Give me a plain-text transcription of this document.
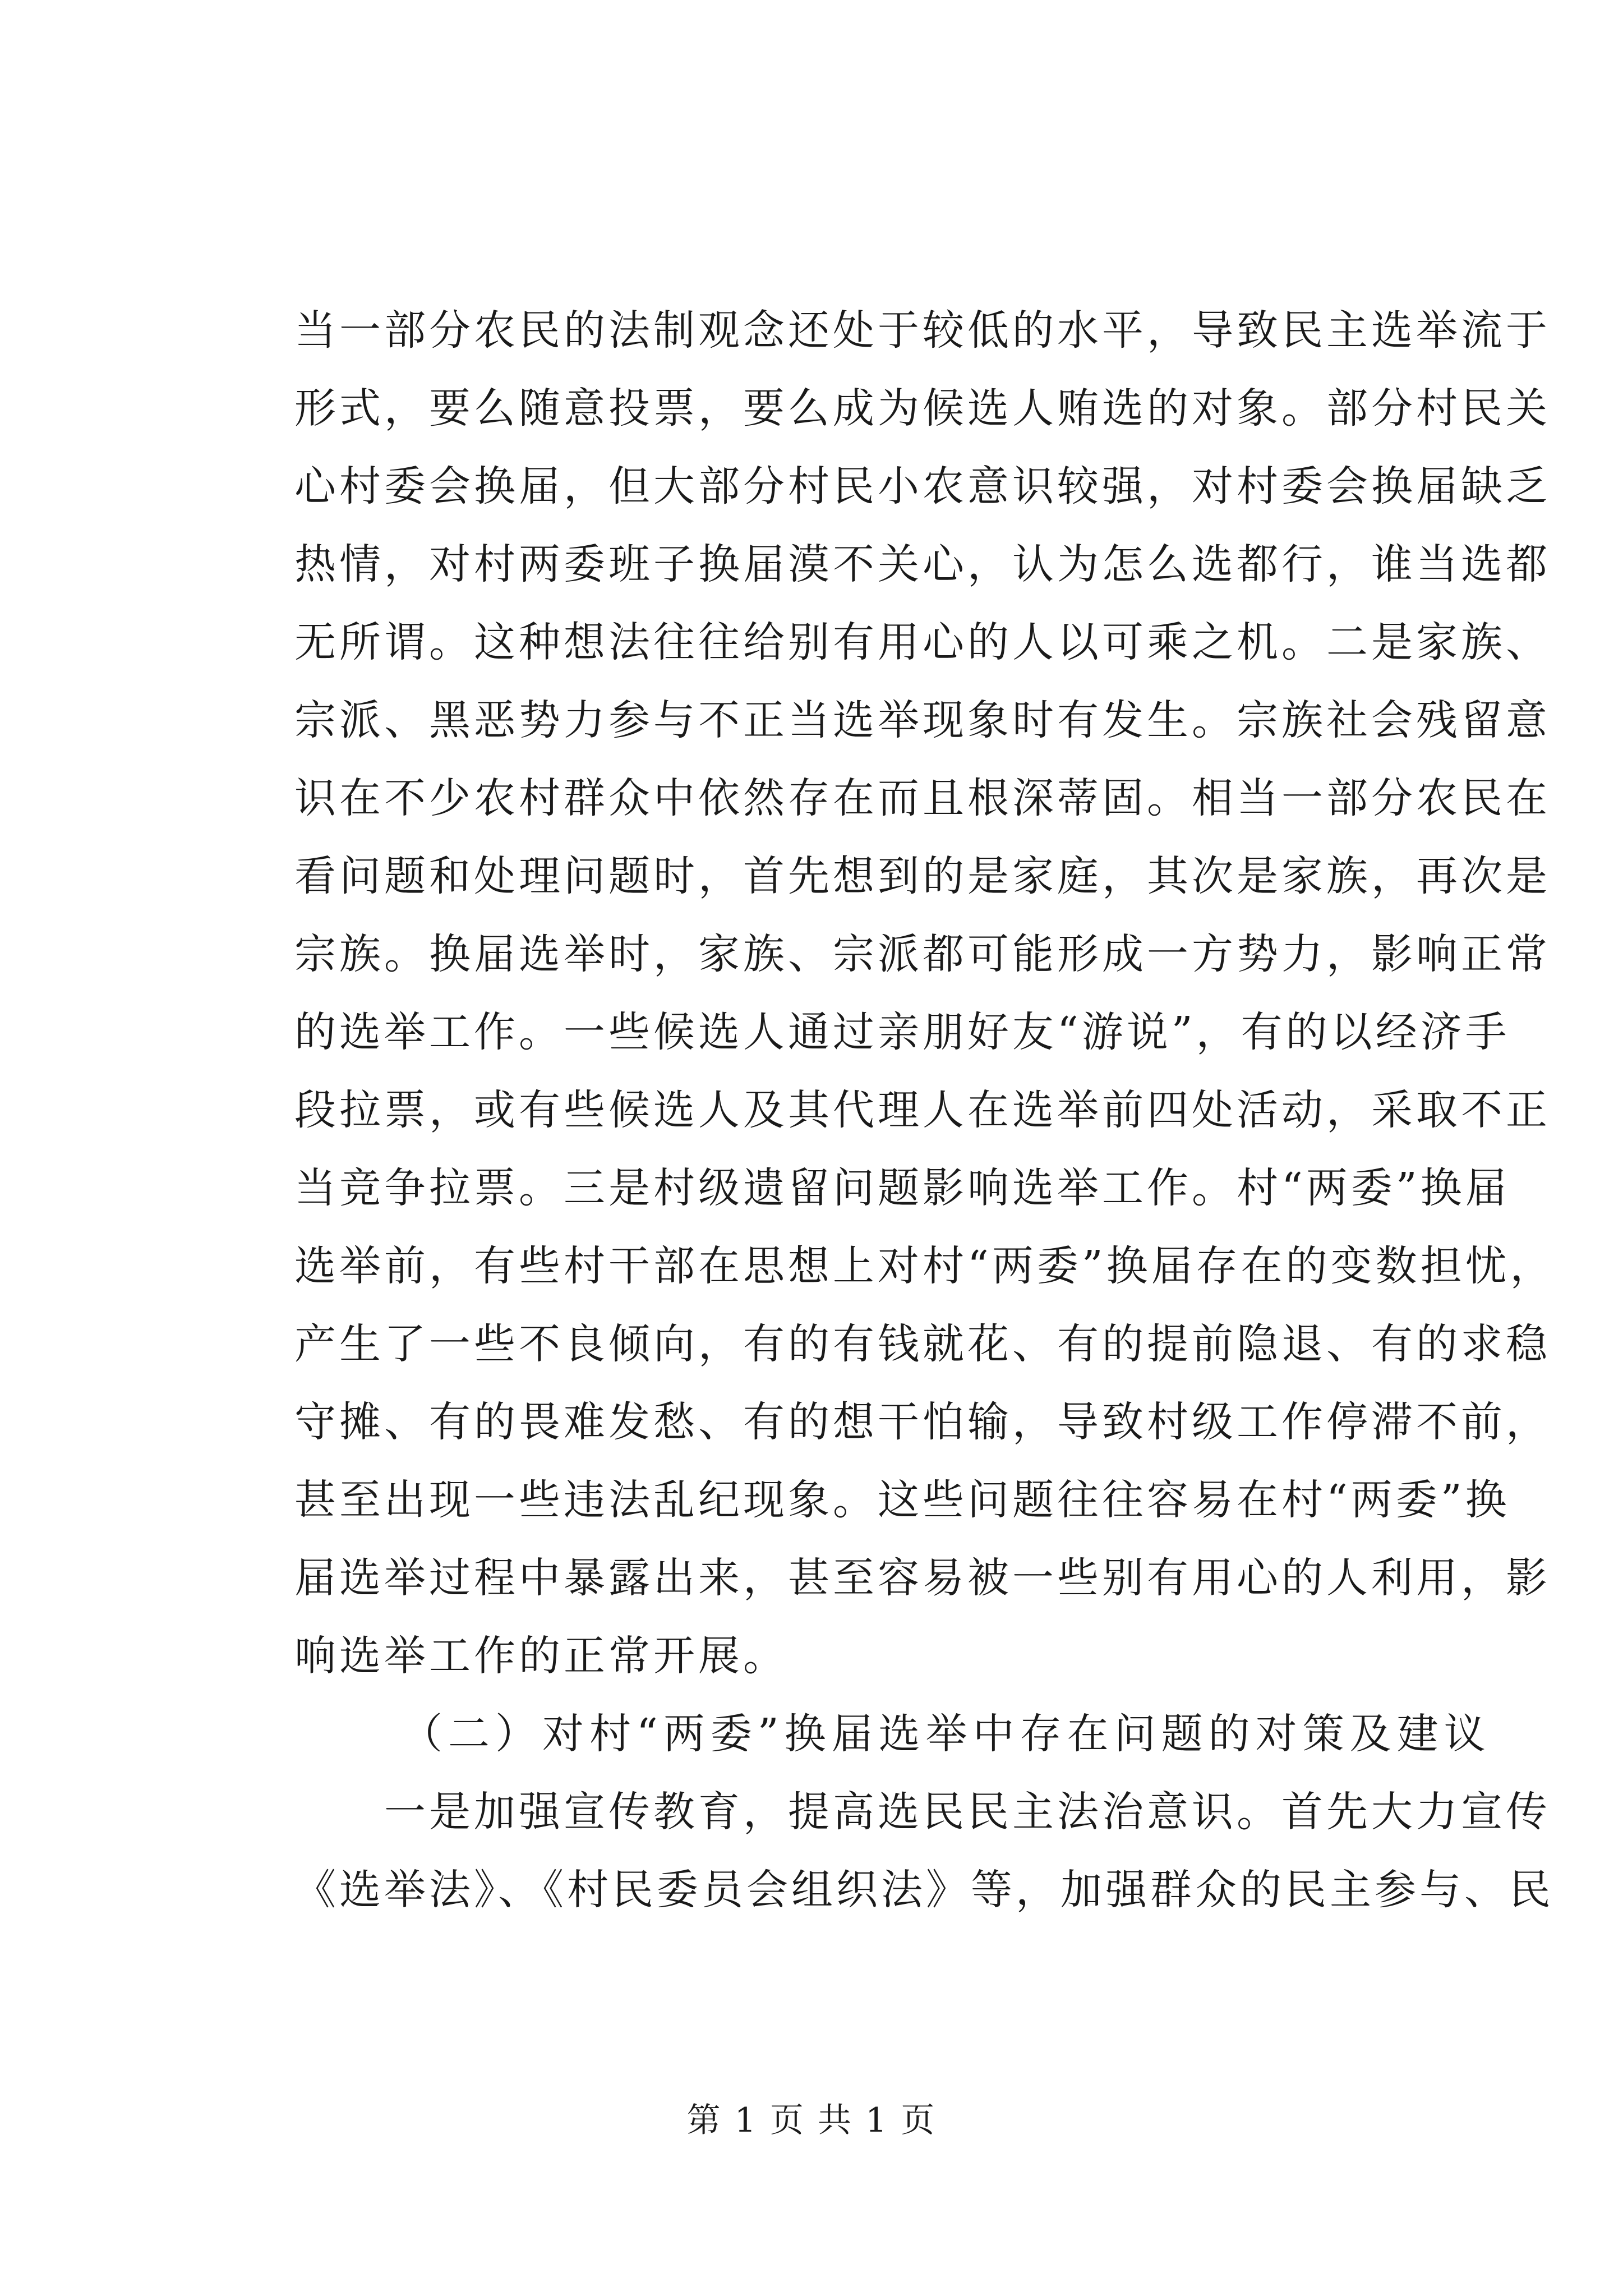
当一部分农民的法制观念还处于较低的水平，导致民主选举流于
形式，要么随意投票，要么成为候选人贿选的对象。部分村民关
心村委会换届，但大部分村民小农意识较强，对村委会换届缺乏
热情，对村两委班子换届漠不关心，认为怎么选都行，谁当选都
无所谓。这种想法往往给别有用心的人以可乘之机。二是家族、
宗派、黑恶势力参与不正当选举现象时有发生。宗族社会残留意
识在不少农村群众中依然存在而且根深蒂固。相当一部分农民在
看问题和处理问题时，首先想到的是家庭，其次是家族，再次是
宗族。换届选举时，家族、宗派都可能形成一方势力，影响正常
的选举工作。一些候选人通过亲朋好友“游说”，有的以经济手
段拉票，或有些候选人及其代理人在选举前四处活动，采取不正
当竞争拉票。三是村级遗留问题影响选举工作。村“两委”换届
选举前，有些村干部在思想上对村“两委”换届存在的变数担忧，
产生了一些不良倾向，有的有钱就花、有的提前隐退、有的求稳
守摊、有的畏难发愁、有的想干怕输，导致村级工作停滞不前，
甚至出现一些违法乱纪现象。这些问题往往容易在村“两委”换
届选举过程中暴露出来，甚至容易被一些别有用心的人利用，影
响选举工作的正常开展。
（二）对村“两委”换届选举中存在问题的对策及建议
一是加强宣传教育，提高选民民主法治意识。首先大力宣传
《选举法》、《村民委员会组织法》等，加强群众的民主参与、民
第 1 页 共 1 页
